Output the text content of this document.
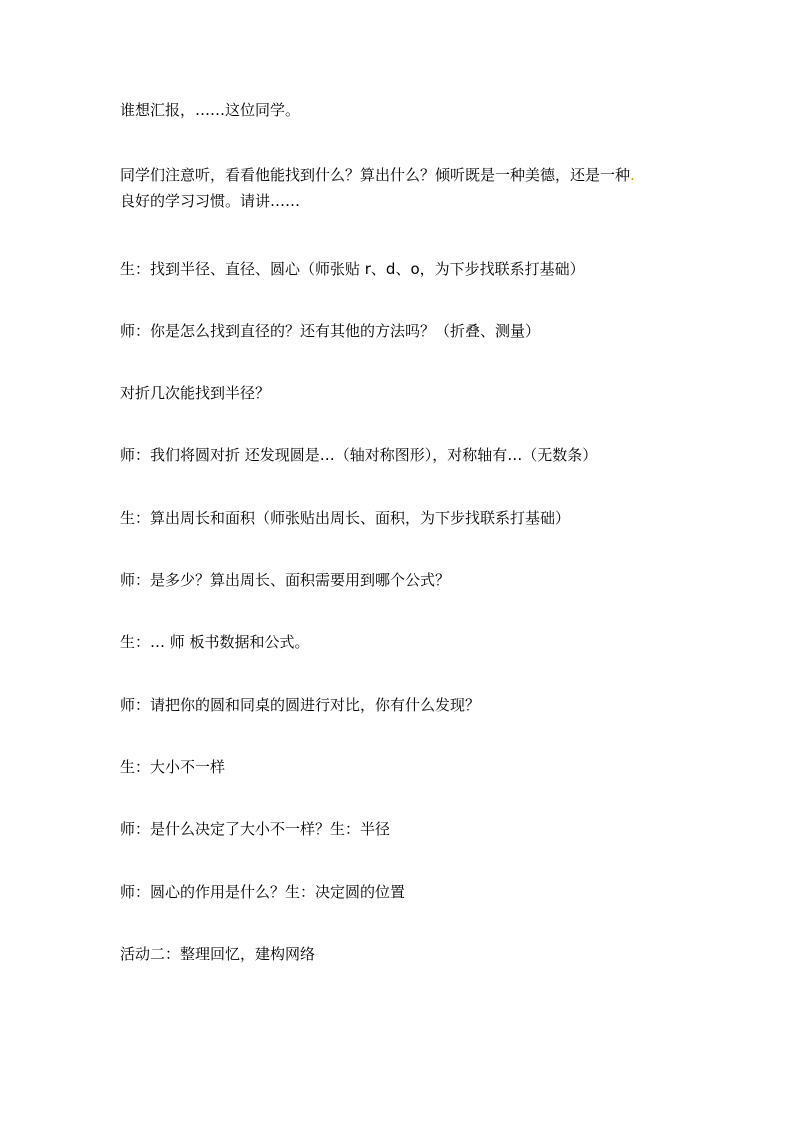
谁想汇报，……这位同学。

同学们注意听，看看他能找到什么？算出什么？倾听既是一种美德，还是一种.
良好的学习习惯。请讲……

生：找到半径、直径、圆心（师张贴 r、d、o，为下步找联系打基础）

师：你是怎么找到直径的？还有其他的方法吗？（折叠、测量）

对折几次能找到半径？

师：我们将圆对折 还发现圆是…（轴对称图形），对称轴有…（无数条）

生：算出周长和面积（师张贴出周长、面积，为下步找联系打基础）

师：是多少？算出周长、面积需要用到哪个公式？

生：… 师 板书数据和公式。

师：请把你的圆和同桌的圆进行对比，你有什么发现？

生：大小不一样

师：是什么决定了大小不一样？生：半径

师：圆心的作用是什么？生：决定圆的位置

活动二：整理回忆，建构网络
